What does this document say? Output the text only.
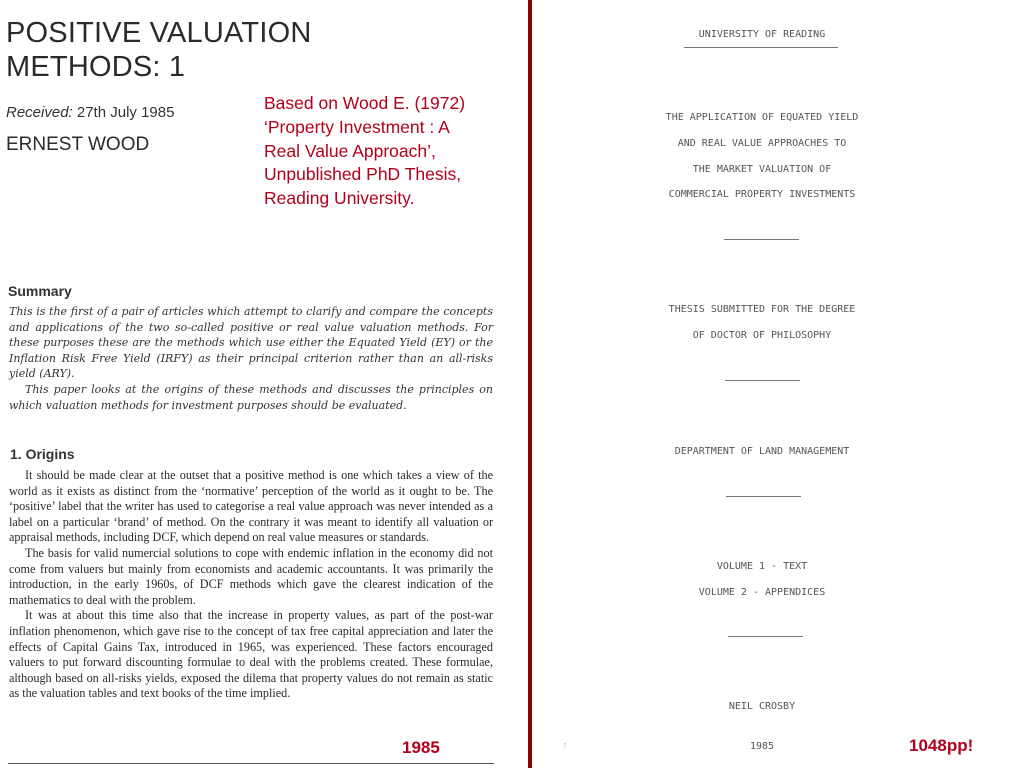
POSITIVE VALUATION
METHODS: 1
Received: 27th July 1985
ERNEST WOOD
Based on Wood E. (1972)
‘Property Investment : A
Real Value Approach’,
Unpublished PhD Thesis,
Reading University.
Summary

This is the first of a pair of articles which attempt to clarify and compare the concepts and applications of the two so-called positive or real value valuation methods. For these purposes these are the methods which use either the Equated Yield (EY) or the Inflation Risk Free Yield (IRFY) as their principal criterion rather than an all-risks yield (ARY).

This paper looks at the origins of these methods and discusses the principles on which valuation methods for investment purposes should be evaluated.

1. Origins

It should be made clear at the outset that a positive method is one which takes a view of the world as it exists as distinct from the ‘normative’ perception of the world as it ought to be. The ‘positive’ label that the writer has used to categorise a real value approach was never intended as a label on a particular ‘brand’ of method. On the contrary it was meant to identify all valuation or appraisal methods, including DCF, which depend on real value measures or standards.

The basis for valid numercial solutions to cope with endemic inflation in the economy did not come from valuers but mainly from economists and academic accountants. It was primarily the introduction, in the early 1960s, of DCF methods which gave the clearest indication of the mathematics to deal with the problem.

It was at about this time also that the increase in property values, as part of the post-war inflation phenomenon, which gave rise to the concept of tax free capital appreciation and later the effects of Capital Gains Tax, introduced in 1965, was experienced. These factors encouraged valuers to put forward discounting formulae to deal with the problems created. These formulae, although based on all-risks yields, exposed the dilema that property values do not remain as static as the valuation tables and text books of the time implied.

1985
UNIVERSITY OF READING
THE APPLICATION OF EQUATED YIELD
AND REAL VALUE APPROACHES TO
THE MARKET VALUATION OF
COMMERCIAL PROPERTY INVESTMENTS
THESIS SUBMITTED FOR THE DEGREE
OF DOCTOR OF PHILOSOPHY
DEPARTMENT OF LAND MANAGEMENT
VOLUME 1 - TEXT
VOLUME 2 - APPENDICES
NEIL CROSBY
↑	1985	1048pp!
